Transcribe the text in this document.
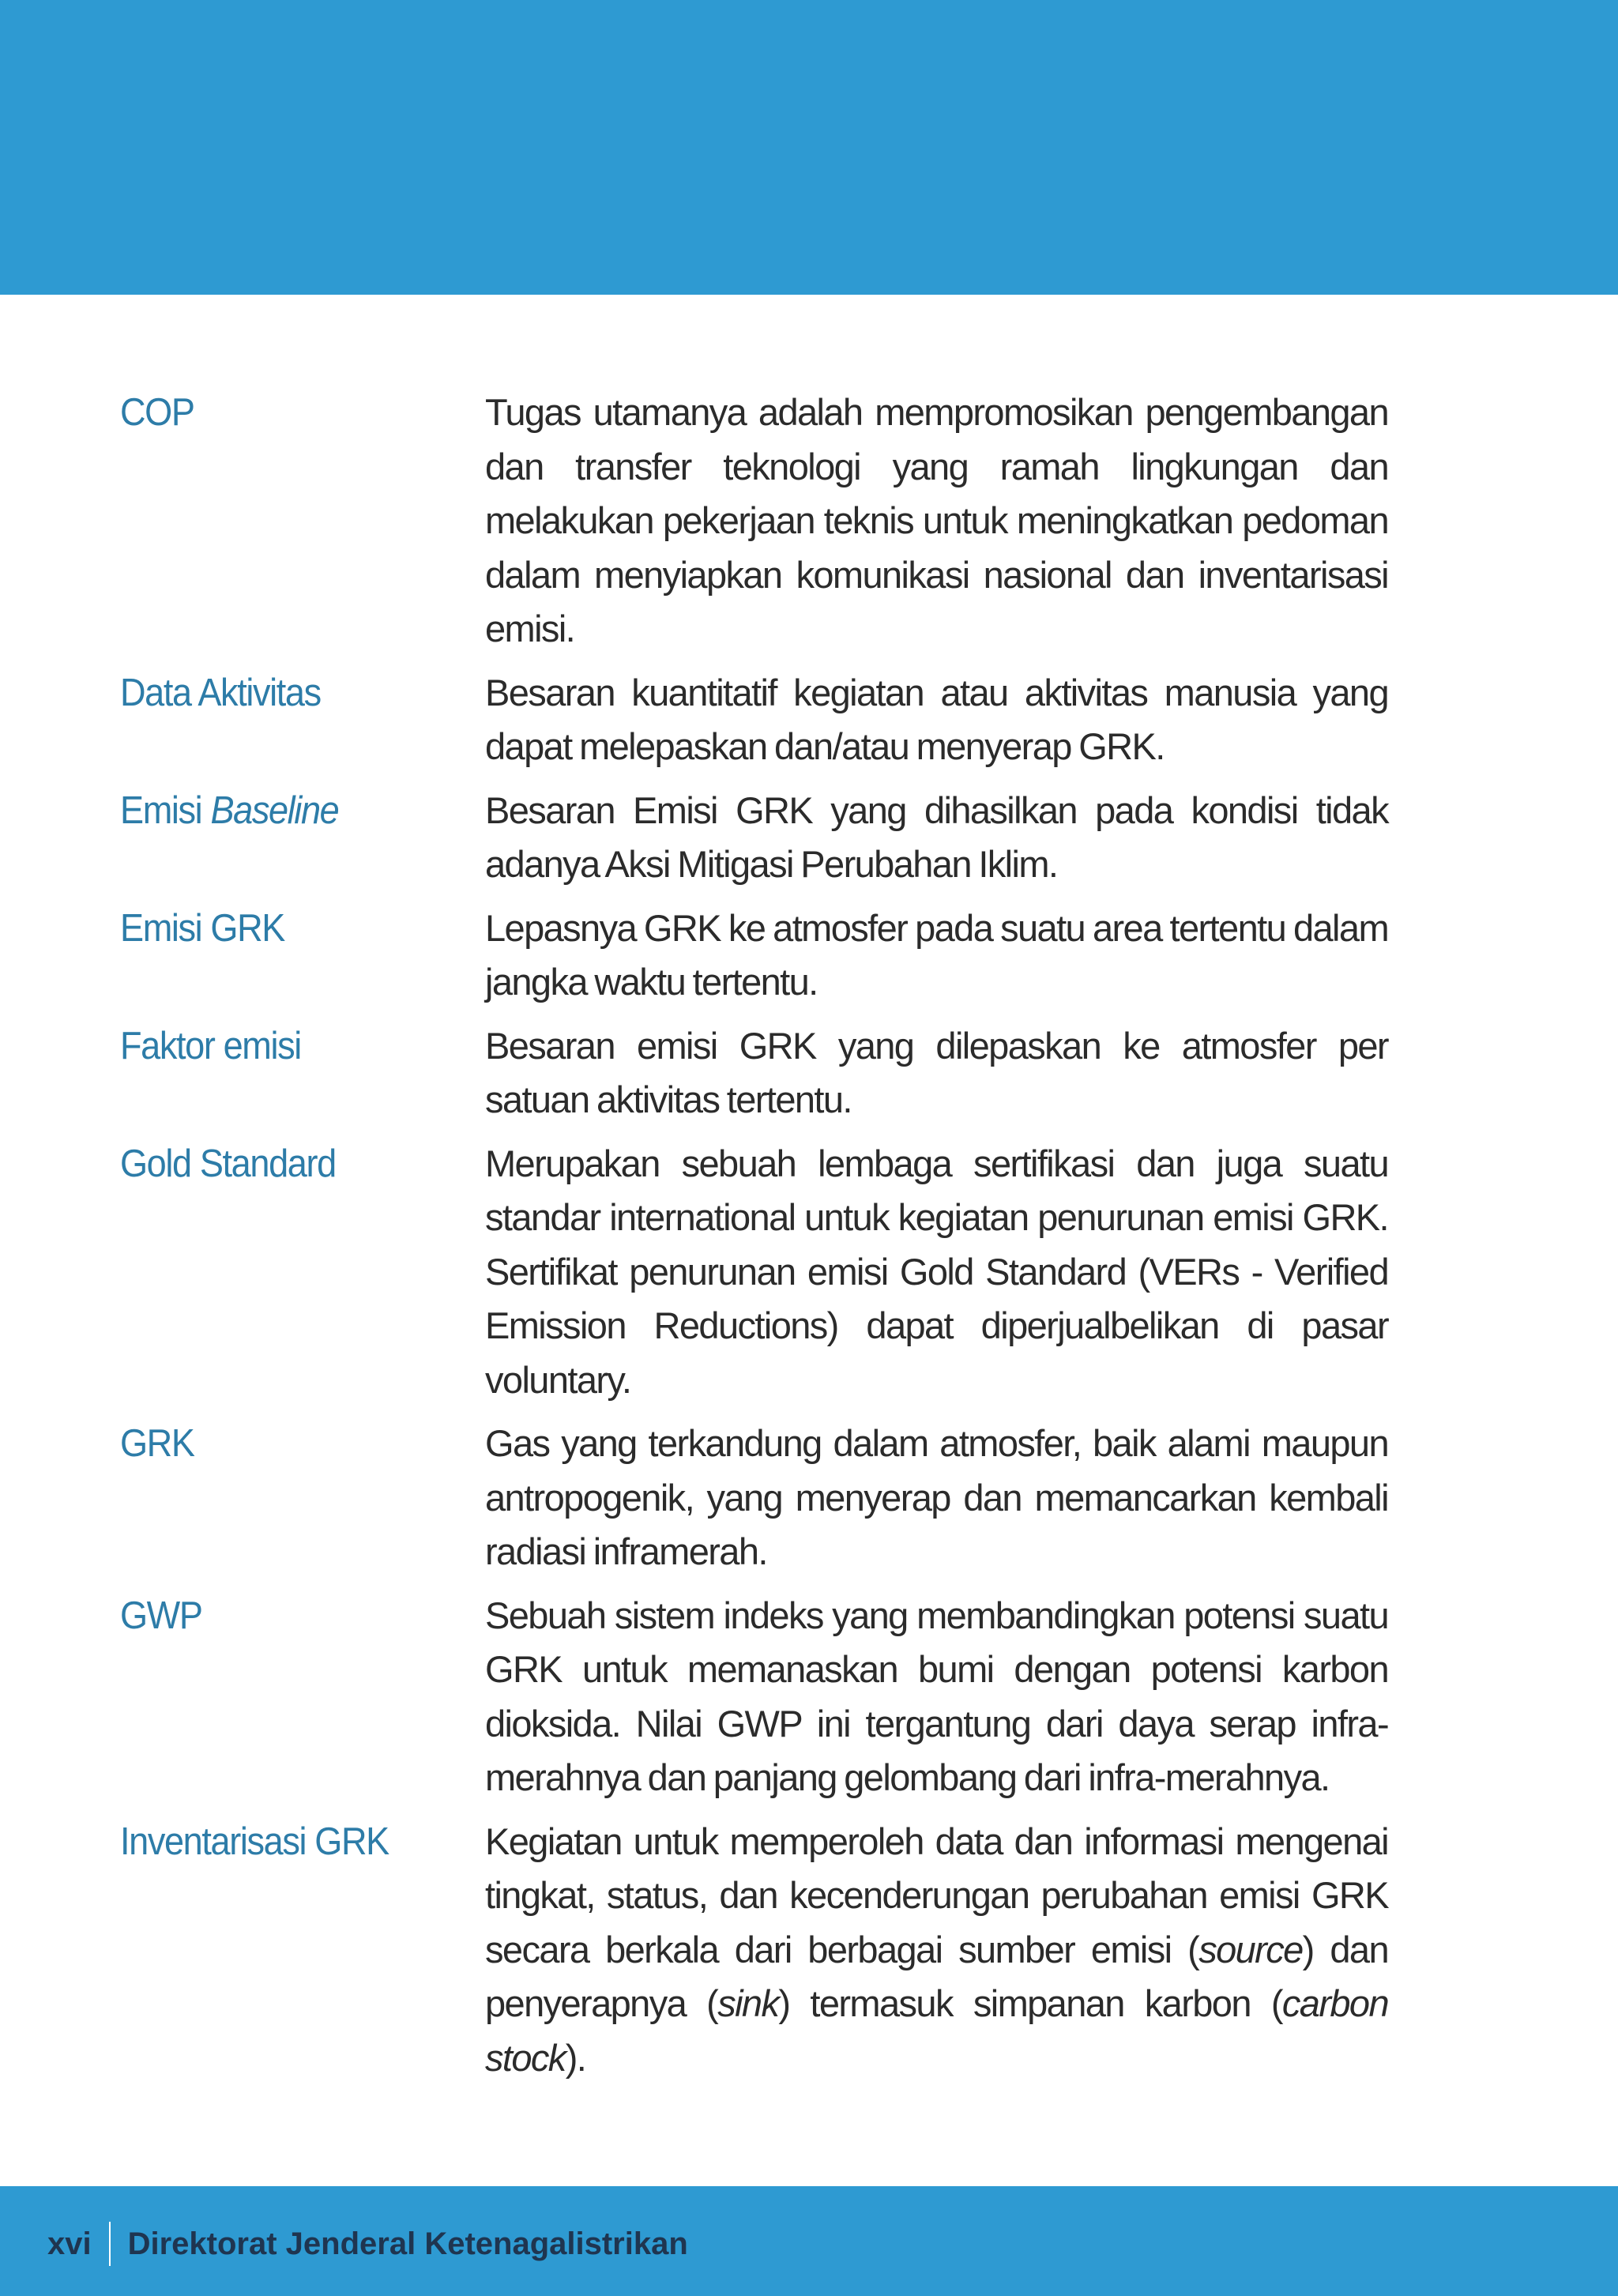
COP	Tugas utamanya adalah mempromosikan pengembangan dan transfer teknologi yang ramah lingkungan dan melakukan pekerjaan teknis untuk meningkatkan pedoman dalam menyiapkan komunikasi nasional dan inventarisasi emisi.
Data Aktivitas	Besaran kuantitatif kegiatan atau aktivitas manusia yang dapat melepaskan dan/atau menyerap GRK.
Emisi Baseline	Besaran Emisi GRK yang dihasilkan pada kondisi tidak adanya Aksi Mitigasi Perubahan Iklim.
Emisi GRK	Lepasnya GRK ke atmosfer pada suatu area tertentu dalam jangka waktu tertentu.
Faktor emisi	Besaran emisi GRK yang dilepaskan ke atmosfer per satuan aktivitas tertentu.
Gold Standard	Merupakan sebuah lembaga sertifikasi dan juga suatu standar international untuk kegiatan penurunan emisi GRK. Sertifikat penurunan emisi Gold Standard (VERs - Verified Emission Reductions) dapat diperjualbelikan di pasar voluntary.
GRK	Gas yang terkandung dalam atmosfer, baik alami maupun antropogenik, yang menyerap dan memancarkan kembali radiasi inframerah.
GWP	Sebuah sistem indeks yang membandingkan potensi suatu GRK untuk memanaskan bumi dengan potensi karbon dioksida. Nilai GWP ini tergantung dari daya serap infra-merahnya dan panjang gelombang dari infra-merahnya.
Inventarisasi GRK	Kegiatan untuk memperoleh data dan informasi mengenai tingkat, status, dan kecenderungan perubahan emisi GRK secara berkala dari berbagai sumber emisi (source) dan penyerapnya (sink) termasuk simpanan karbon (carbon stock).
xvi Direktorat Jenderal Ketenagalistrikan
